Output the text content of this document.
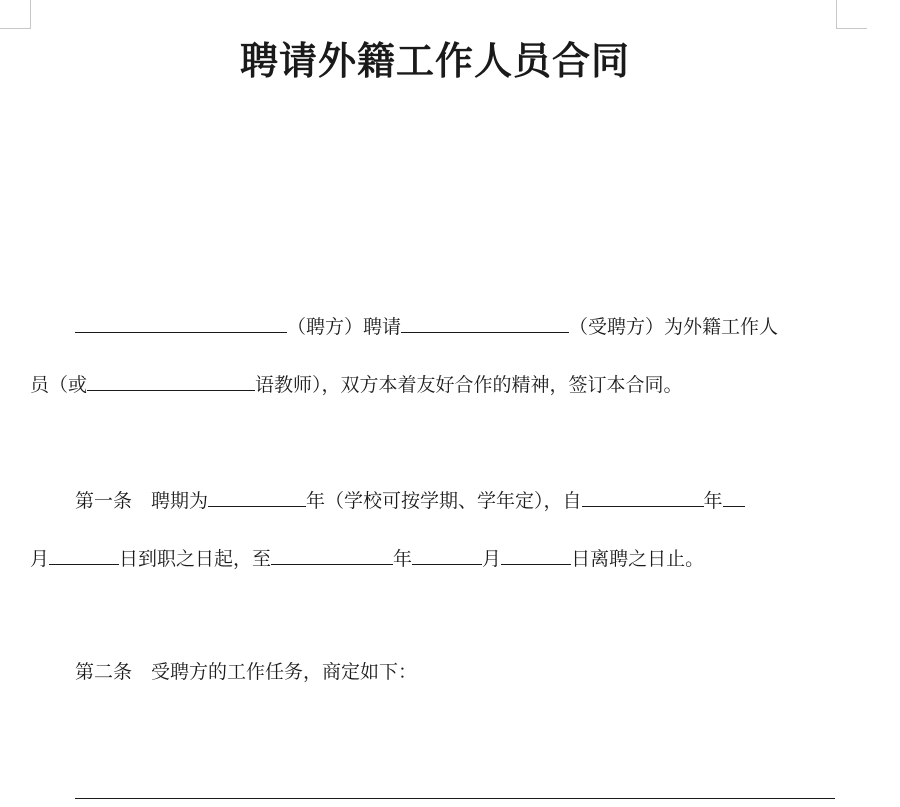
聘请外籍工作人员合同
（聘方）聘请	（受聘方）为外籍工作人
员（或	语教师），双方本着友好合作的精神，签订本合同。
第一条　聘期为	年（学校可按学期、学年定），自	年
月	日到职之日起，至	年	月	日离聘之日止。
第二条　受聘方的工作任务，商定如下：
